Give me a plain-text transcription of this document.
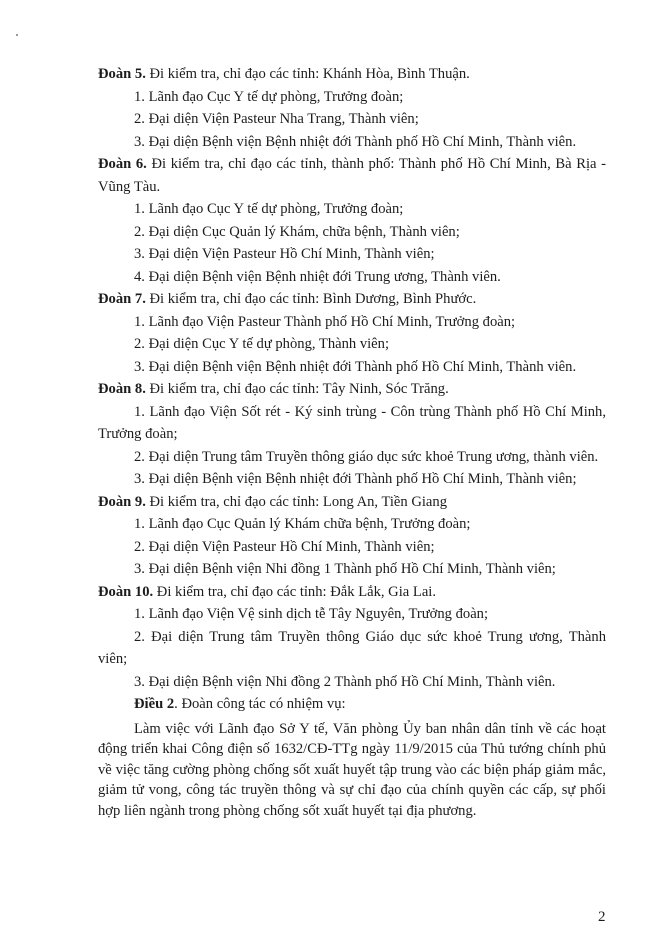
Đoàn 5. Đi kiểm tra, chỉ đạo các tỉnh: Khánh Hòa, Bình Thuận.

1. Lãnh đạo Cục Y tế dự phòng, Trưởng đoàn;

2. Đại diện Viện Pasteur Nha Trang, Thành viên;

3. Đại diện Bệnh viện Bệnh nhiệt đới Thành phố Hồ Chí Minh, Thành viên.

Đoàn 6. Đi kiểm tra, chỉ đạo các tỉnh, thành phố: Thành phố Hồ Chí Minh, Bà Rịa - Vũng Tàu.

1. Lãnh đạo Cục Y tế dự phòng, Trưởng đoàn;

2. Đại diện Cục Quản lý Khám, chữa bệnh, Thành viên;

3. Đại diện Viện Pasteur Hồ Chí Minh, Thành viên;

4. Đại diện Bệnh viện Bệnh nhiệt đới Trung ương, Thành viên.

Đoàn 7. Đi kiểm tra, chỉ đạo các tỉnh: Bình Dương, Bình Phước.

1. Lãnh đạo Viện Pasteur Thành phố Hồ Chí Minh, Trưởng đoàn;

2. Đại diện Cục Y tế dự phòng, Thành viên;

3. Đại diện Bệnh viện Bệnh nhiệt đới Thành phố Hồ Chí Minh, Thành viên.

Đoàn 8. Đi kiểm tra, chỉ đạo các tỉnh: Tây Ninh, Sóc Trăng.

1. Lãnh đạo Viện Sốt rét - Ký sinh trùng - Côn trùng Thành phố Hồ Chí Minh, Trưởng đoàn;

2. Đại diện Trung tâm Truyền thông giáo dục sức khoẻ Trung ương, thành viên.

3. Đại diện Bệnh viện Bệnh nhiệt đới Thành phố Hồ Chí Minh, Thành viên;

Đoàn 9. Đi kiểm tra, chỉ đạo các tỉnh: Long An, Tiền Giang

1. Lãnh đạo Cục Quản lý Khám chữa bệnh, Trưởng đoàn;

2. Đại diện Viện Pasteur Hồ Chí Minh, Thành viên;

3. Đại diện Bệnh viện Nhi đồng 1 Thành phố Hồ Chí Minh, Thành viên;

Đoàn 10. Đi kiểm tra, chỉ đạo các tỉnh: Đắk Lắk, Gia Lai.

1. Lãnh đạo Viện Vệ sinh dịch tễ Tây Nguyên, Trưởng đoàn;

2. Đại diện Trung tâm Truyền thông Giáo dục sức khoẻ Trung ương, Thành viên;

3. Đại diện Bệnh viện Nhi đồng 2 Thành phố Hồ Chí Minh, Thành viên.

Điều 2. Đoàn công tác có nhiệm vụ:

Làm việc với Lãnh đạo Sở Y tế, Văn phòng Ủy ban nhân dân tỉnh về các hoạt động triển khai Công điện số 1632/CĐ-TTg ngày 11/9/2015 của Thủ tướng chính phủ về việc tăng cường phòng chống sốt xuất huyết tập trung vào các biện pháp giảm mắc, giảm tử vong, công tác truyền thông và sự chỉ đạo của chính quyền các cấp, sự phối hợp liên ngành trong phòng chống sốt xuất huyết tại địa phương.

2
